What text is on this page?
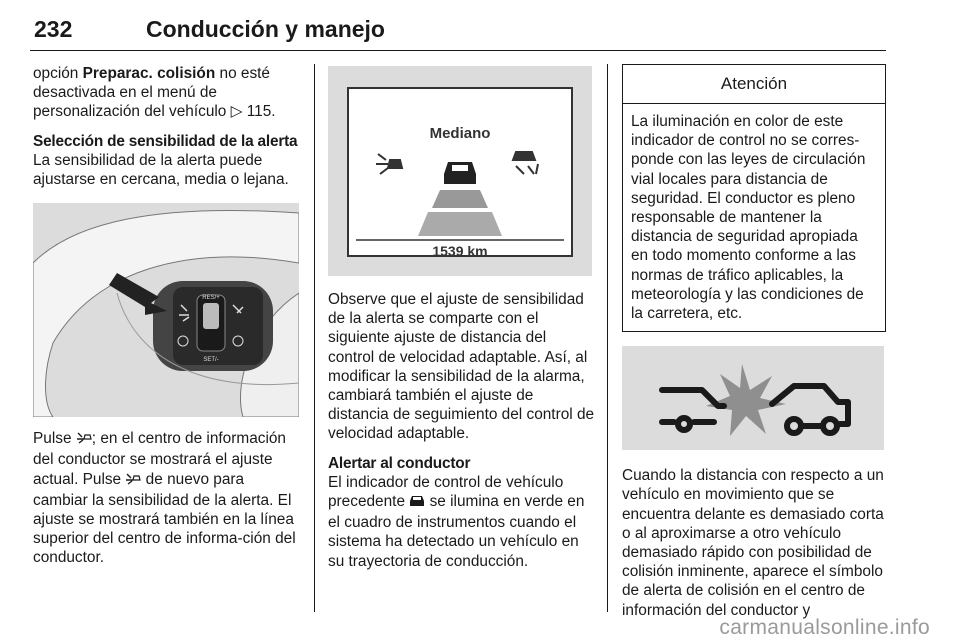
232	Conducción y manejo

opción Preparac. colisión no esté desactivada en el menú de personalización del vehículo ▷ 115.

Selección de sensibilidad de la alerta

La sensibilidad de la alerta puede ajustarse en cercana, media o lejana.

RES/+
SET/-

Pulse ; en el centro de información del conductor se mostrará el ajuste actual. Pulse  de nuevo para cambiar la sensibilidad de la alerta. El ajuste se mostrará también en la línea superior del centro de informa-ción del conductor.

Mediano
1539 km

Observe que el ajuste de sensibilidad de la alerta se comparte con el siguiente ajuste de distancia del control de velocidad adaptable. Así, al modificar la sensibilidad de la alarma, cambiará también el ajuste de distancia de seguimiento del control de velocidad adaptable.

Alertar al conductor

El indicador de control de vehículo precedente  se ilumina en verde en el cuadro de instrumentos cuando el sistema ha detectado un vehículo en su trayectoria de conducción.

Atención
La iluminación en color de este indicador de control no se corres-ponde con las leyes de circulación vial locales para distancia de seguridad. El conductor es pleno responsable de mantener la distancia de seguridad apropiada en todo momento conforme a las normas de tráfico aplicables, la meteorología y las condiciones de la carretera, etc.

Cuando la distancia con respecto a un vehículo en movimiento que se encuentra delante es demasiado corta o al aproximarse a otro vehículo demasiado rápido con posibilidad de colisión inminente, aparece el símbolo de alerta de colisión en el centro de información del conductor y

carmanualsonline.info
